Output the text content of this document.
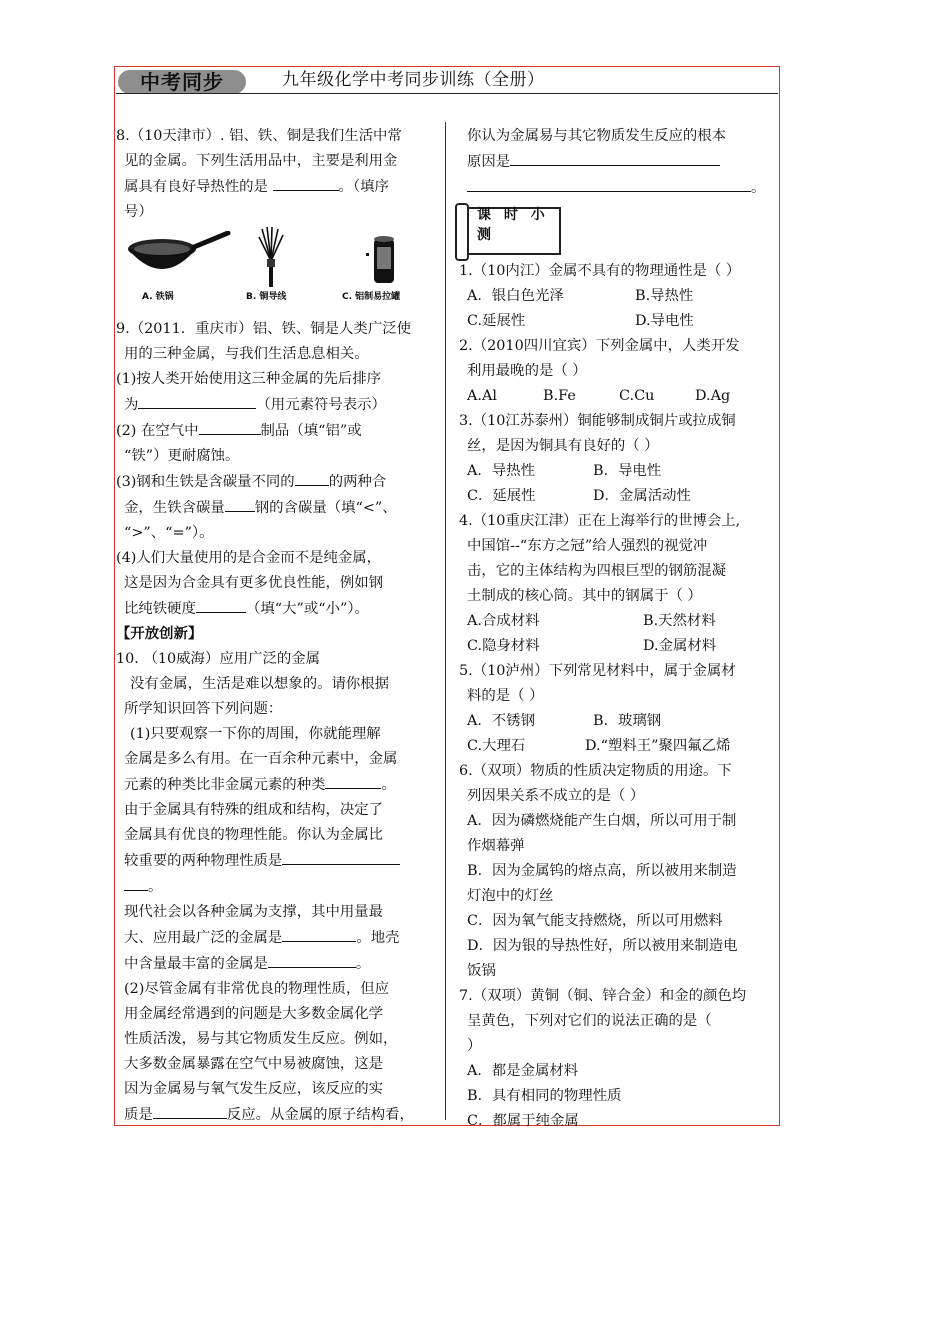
中考同步	九年级化学中考同步训练（全册）

8.（10天津市）. 铝、铁、铜是我们生活中常

见的金属。下列生活用品中，主要是利用金

属具有良好导热性的是	。（填序

号）

A. 铁锅	B. 铜导线	C. 铝制易拉罐

9.（2011．重庆市）铝、铁、铜是人类广泛使

用的三种金属，与我们生活息息相关。

(1)按人类开始使用这三种金属的先后排序

为	（用元素符号表示）

(2) 在空气中	制品（填“铝”或

“铁”）更耐腐蚀。

(3)钢和生铁是含碳量不同的 的两种合

金，生铁含碳量 钢的含碳量（填“<”、

“>”、“=”）。

(4)人们大量使用的是合金而不是纯金属，

这是因为合金具有更多优良性能，例如钢

比纯铁硬度	（填“大”或“小”）。

【开放创新】

10. （10威海）应用广泛的金属

没有金属，生活是难以想象的。请你根据

所学知识回答下列问题：

(1)只要观察一下你的周围，你就能理解

金属是多么有用。在一百余种元素中，金属

元素的种类比非金属元素的种类	。

由于金属具有特殊的组成和结构，决定了

金属具有优良的物理性能。你认为金属比

较重要的两种物理性质是

。

现代社会以各种金属为支撑，其中用量最

大、应用最广泛的金属是	。地壳

中含量最丰富的金属是	。

(2)尽管金属有非常优良的物理性质，但应

用金属经常遇到的问题是大多数金属化学

性质活泼，易与其它物质发生反应。例如，

大多数金属暴露在空气中易被腐蚀，这是

因为金属易与氧气发生反应，该反应的实

质是	反应。从金属的原子结构看，

你认为金属易与其它物质发生反应的根本

原因是

。

课 时 小 测

1.（10内江）金属不具有的物理通性是（ ）

A．银白色光泽	B.导热性

C.延展性	D.导电性

2.（2010四川宜宾）下列金属中，人类开发

利用最晚的是（ ）

A.Al	B.Fe	C.Cu	D.Ag

3.（10江苏泰州）铜能够制成铜片或拉成铜

丝，是因为铜具有良好的（ ）

A．导热性	B．导电性

C．延展性	D．金属活动性

4.（10重庆江津）正在上海举行的世博会上,

中国馆--“东方之冠”给人强烈的视觉冲

击，它的主体结构为四根巨型的钢筋混凝

土制成的核心筒。其中的钢属于（ ）

A.合成材料	B.天然材料

C.隐身材料	D.金属材料

5.（10泸州）下列常见材料中，属于金属材

料的是（ ）

A．不锈钢	B．玻璃钢

C.大理石	D.“塑料王”聚四氟乙烯

6.（双项）物质的性质决定物质的用途。下

列因果关系不成立的是（ ）

A．因为磷燃烧能产生白烟，所以可用于制

作烟幕弹

B．因为金属钨的熔点高，所以被用来制造

灯泡中的灯丝

C．因为氧气能支持燃烧，所以可用燃料

D．因为银的导热性好，所以被用来制造电

饭锅

7.（双项）黄铜（铜、锌合金）和金的颜色均

呈黄色，下列对它们的说法正确的是（

）

A．都是金属材料

B．具有相同的物理性质

C．都属于纯金属
